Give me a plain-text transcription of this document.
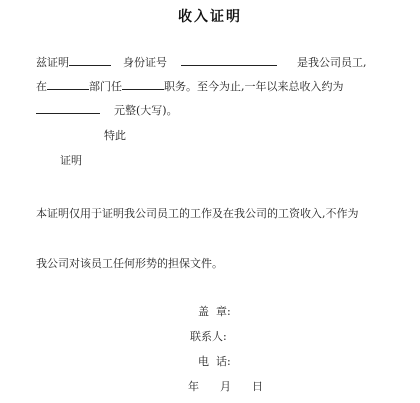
收入证明
兹证明	身份证号	是我公司员工,
在	部门任	职务。至今为止,一年以来总收入约为
元整(大写)。
特此
证明
本证明仅用于证明我公司员工的工作及在我公司的工资收入,不作为
我公司对该员工任何形势的担保文件。
盖  章:
联系人:
电  话:
年      月      日
